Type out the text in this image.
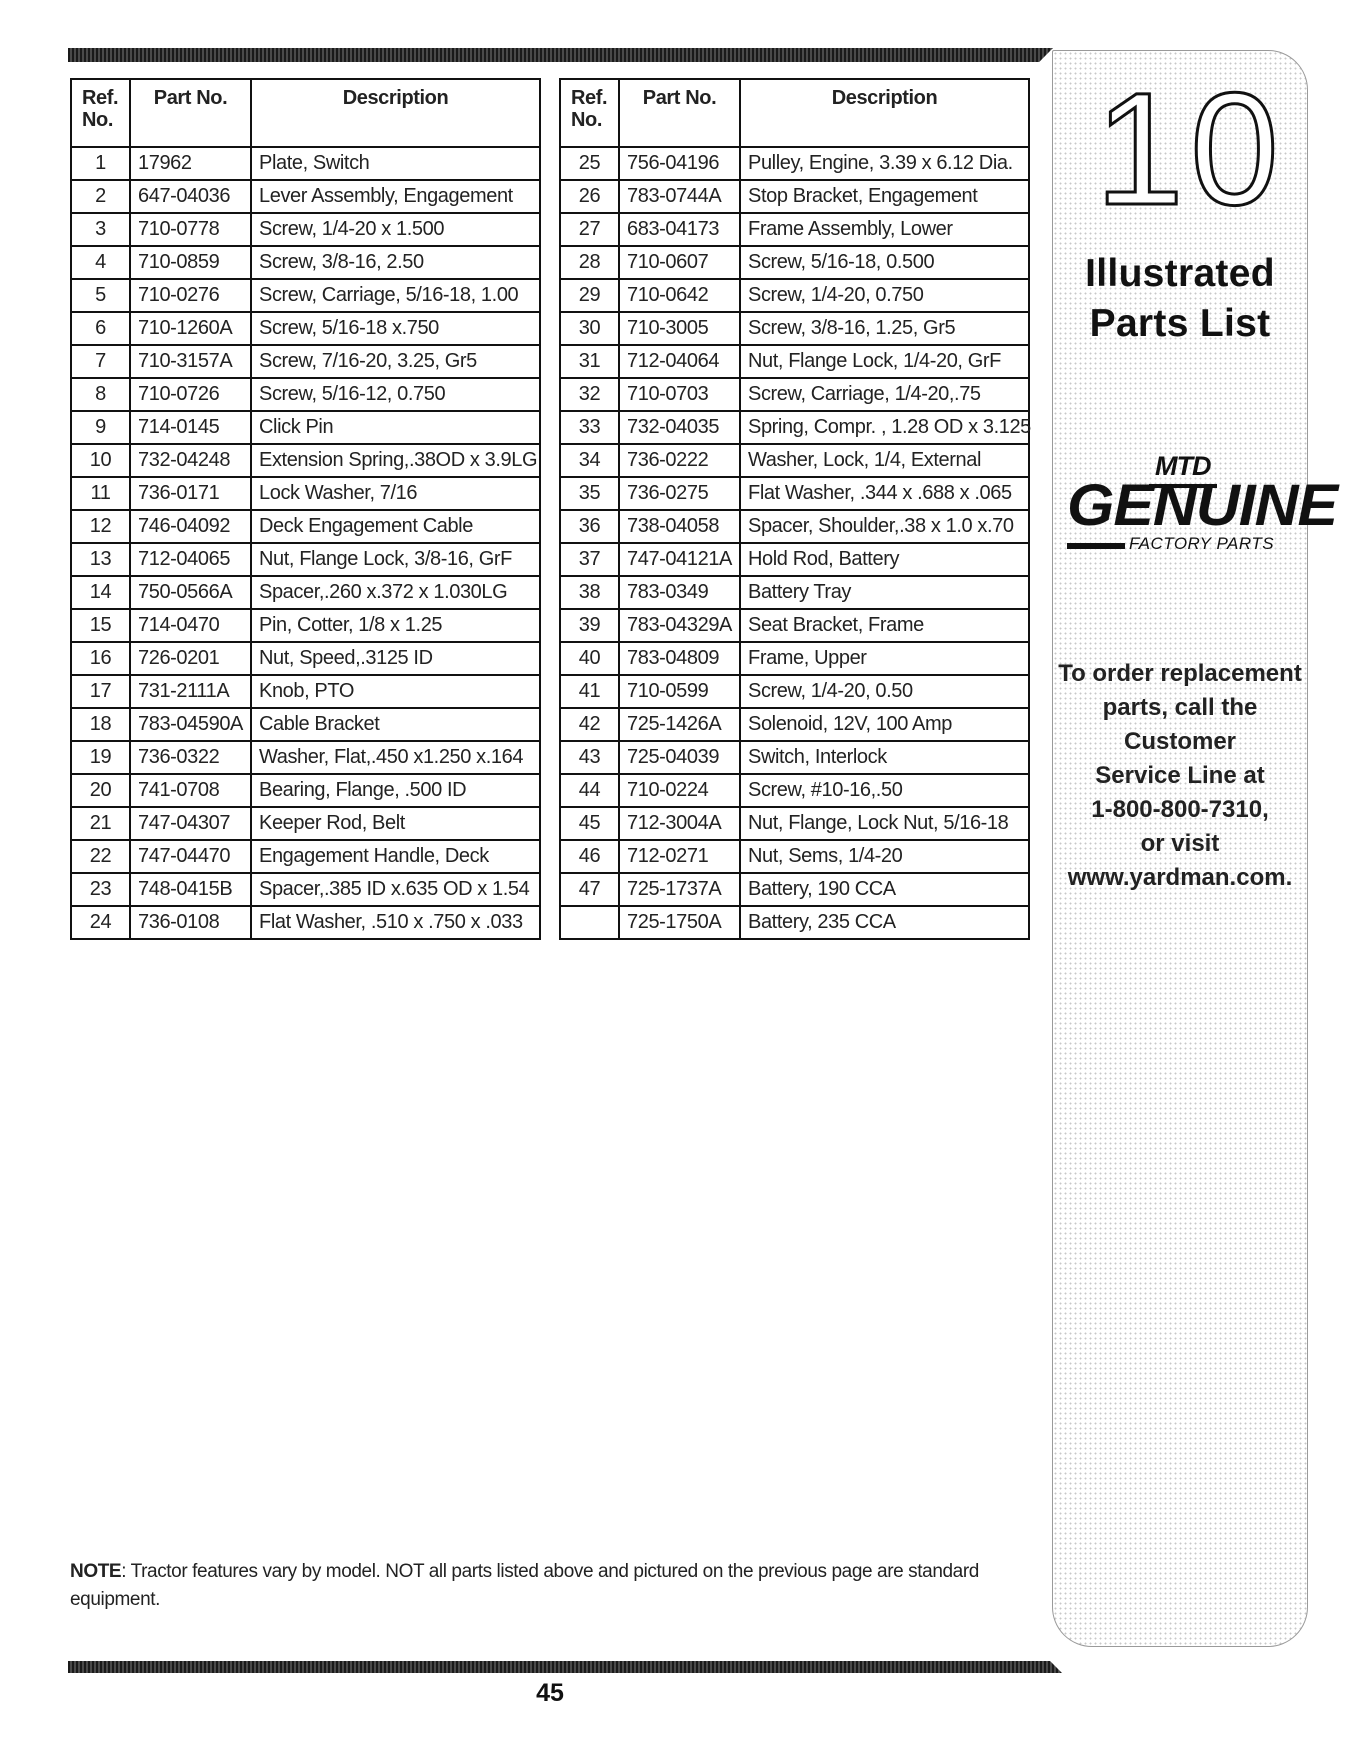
Ref.
No.	Part No.	Description
1	17962	Plate, Switch
2	647-04036	Lever Assembly, Engagement
3	710-0778	Screw, 1/4-20 x 1.500
4	710-0859	Screw, 3/8-16, 2.50
5	710-0276	Screw, Carriage, 5/16-18, 1.00
6	710-1260A	Screw, 5/16-18 x.750
7	710-3157A	Screw, 7/16-20, 3.25, Gr5
8	710-0726	Screw, 5/16-12, 0.750
9	714-0145	Click Pin
10	732-04248	Extension Spring,.38OD x 3.9LG
11	736-0171	Lock Washer, 7/16
12	746-04092	Deck Engagement Cable
13	712-04065	Nut, Flange Lock, 3/8-16, GrF
14	750-0566A	Spacer,.260 x.372 x 1.030LG
15	714-0470	Pin, Cotter, 1/8 x 1.25
16	726-0201	Nut, Speed,.3125 ID
17	731-2111A	Knob, PTO
18	783-04590A	Cable Bracket
19	736-0322	Washer, Flat,.450 x1.250 x.164
20	741-0708	Bearing, Flange, .500 ID
21	747-04307	Keeper Rod, Belt
22	747-04470	Engagement Handle, Deck
23	748-0415B	Spacer,.385 ID x.635 OD x 1.54
24	736-0108	Flat Washer, .510 x .750 x .033
Ref.
No.	Part No.	Description
25	756-04196	Pulley, Engine, 3.39 x 6.12 Dia.
26	783-0744A	Stop Bracket, Engagement
27	683-04173	Frame Assembly, Lower
28	710-0607	Screw, 5/16-18, 0.500
29	710-0642	Screw, 1/4-20, 0.750
30	710-3005	Screw, 3/8-16, 1.25, Gr5
31	712-04064	Nut, Flange Lock, 1/4-20, GrF
32	710-0703	Screw, Carriage, 1/4-20,.75
33	732-04035	Spring, Compr. , 1.28 OD x 3.125
34	736-0222	Washer, Lock, 1/4, External
35	736-0275	Flat Washer, .344 x .688 x .065
36	738-04058	Spacer, Shoulder,.38 x 1.0 x.70
37	747-04121A	Hold Rod, Battery
38	783-0349	Battery Tray
39	783-04329A	Seat Bracket, Frame
40	783-04809	Frame, Upper
41	710-0599	Screw, 1/4-20, 0.50
42	725-1426A	Solenoid, 12V, 100 Amp
43	725-04039	Switch, Interlock
44	710-0224	Screw, #10-16,.50
45	712-3004A	Nut, Flange, Lock Nut, 5/16-18
46	712-0271	Nut, Sems, 1/4-20
47	725-1737A	Battery, 190 CCA
	725-1750A	Battery, 235 CCA
10
Illustrated
Parts List
MTD
GENUINE
FACTORY PARTS
To order replacement
parts, call the Customer
Service Line at
1-800-800-7310,
or visit
www.yardman.com.
NOTE: Tractor features vary by model. NOT all parts listed above and pictured on the previous page are standard equipment.
45
